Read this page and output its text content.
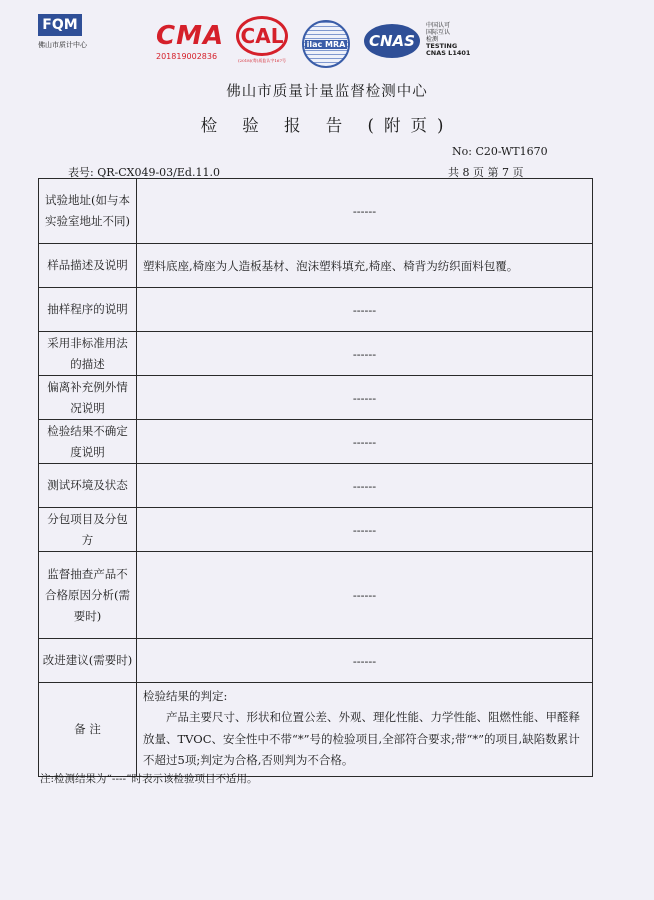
FQM
佛山市质计中心	CMA
201819002836
CAL
(2018)(粤)质监认字167号
ilac MRA	CNAS
中国认可
国际互认
检测
TESTING
CNAS L1401
佛山市质量计量监督检测中心
检 验 报 告 (附页)
No: C20-WT1670
表号: QR-CX049-03/Ed.11.0	共 8 页 第 7 页
试验地址(如与本实验室地址不同)	------
样品描述及说明	塑料底座,椅座为人造板基材、泡沫塑料填充,椅座、椅背为纺织面料包覆。
抽样程序的说明	------
采用非标准用法的描述	------
偏离补充例外情况说明	------
检验结果不确定度说明	------
测试环境及状态	------
分包项目及分包方	------
监督抽查产品不合格原因分析(需要时)	------
改进建议(需要时)	------
备 注	检验结果的判定:
产品主要尺寸、形状和位置公差、外观、理化性能、力学性能、阻燃性能、甲醛释放量、TVOC、安全性中不带“*”号的检验项目,全部符合要求;带“*”的项目,缺陷数累计不超过5项;判定为合格,否则判为不合格。
注:检测结果为“----”时表示该检验项目不适用。
